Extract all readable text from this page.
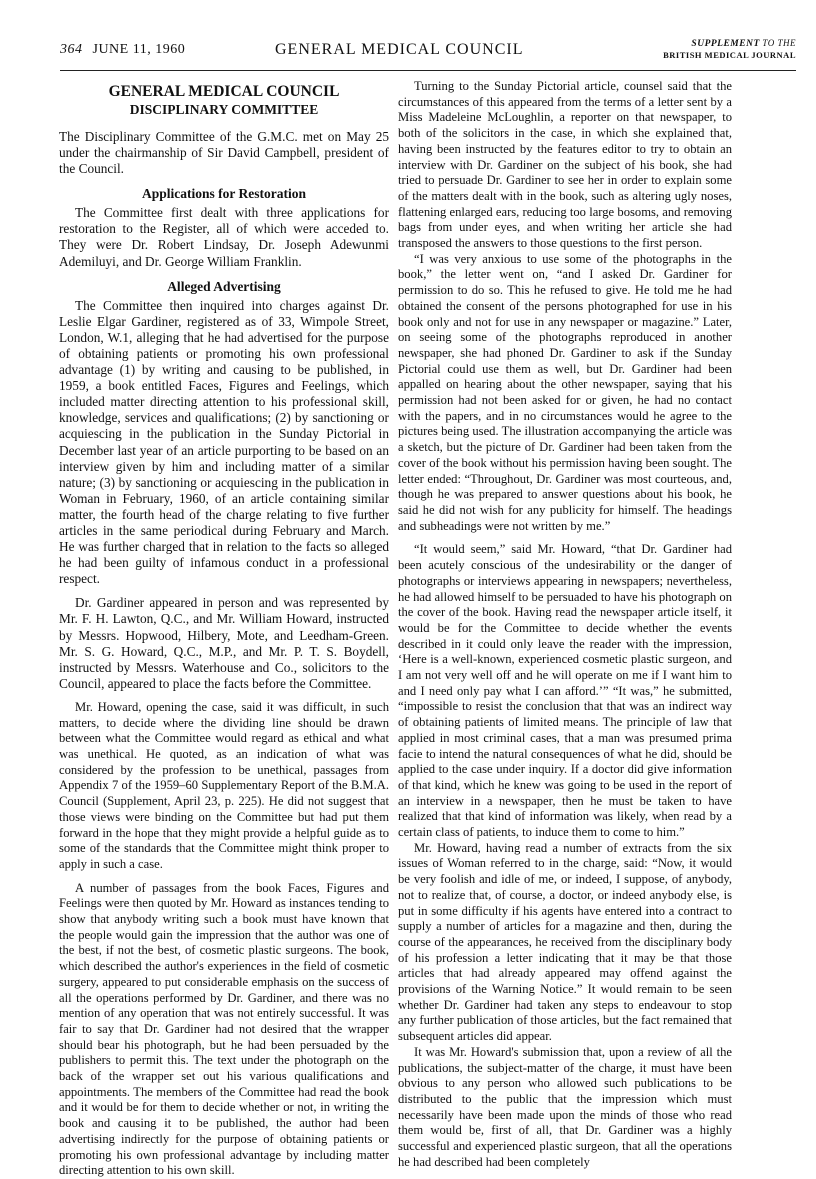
364 JUNE 11, 1960	GENERAL MEDICAL COUNCIL	SUPPLEMENT TO THE
BRITISH MEDICAL JOURNAL
GENERAL MEDICAL COUNCIL
DISCIPLINARY COMMITTEE

The Disciplinary Committee of the G.M.C. met on May 25 under the chairmanship of Sir David Campbell, president of the Council.

Applications for Restoration

The Committee first dealt with three applications for restoration to the Register, all of which were acceded to. They were Dr. Robert Lindsay, Dr. Joseph Adewunmi Ademiluyi, and Dr. George William Franklin.

Alleged Advertising

The Committee then inquired into charges against Dr. Leslie Elgar Gardiner, registered as of 33, Wimpole Street, London, W.1, alleging that he had advertised for the purpose of obtaining patients or promoting his own professional advantage (1) by writing and causing to be published, in 1959, a book entitled Faces, Figures and Feelings, which included matter directing attention to his professional skill, knowledge, services and qualifications; (2) by sanctioning or acquiescing in the publication in the Sunday Pictorial in December last year of an article purporting to be based on an interview given by him and including matter of a similar nature; (3) by sanctioning or acquiescing in the publication in Woman in February, 1960, of an article containing similar matter, the fourth head of the charge relating to five further articles in the same periodical during February and March. He was further charged that in relation to the facts so alleged he had been guilty of infamous conduct in a professional respect.

Dr. Gardiner appeared in person and was represented by Mr. F. H. Lawton, Q.C., and Mr. William Howard, instructed by Messrs. Hopwood, Hilbery, Mote, and Leedham-Green. Mr. S. G. Howard, Q.C., M.P., and Mr. P. T. S. Boydell, instructed by Messrs. Waterhouse and Co., solicitors to the Council, appeared to place the facts before the Committee.

Mr. Howard, opening the case, said it was difficult, in such matters, to decide where the dividing line should be drawn between what the Committee would regard as ethical and what was unethical. He quoted, as an indication of what was considered by the profession to be unethical, passages from Appendix 7 of the 1959–60 Supplementary Report of the B.M.A. Council (Supplement, April 23, p. 225). He did not suggest that those views were binding on the Committee but had put them forward in the hope that they might provide a helpful guide as to some of the standards that the Committee might think proper to apply in such a case.

A number of passages from the book Faces, Figures and Feelings were then quoted by Mr. Howard as instances tending to show that anybody writing such a book must have known that the people would gain the impression that the author was one of the best, if not the best, of cosmetic plastic surgeons. The book, which described the author's experiences in the field of cosmetic surgery, appeared to put considerable emphasis on the success of all the operations performed by Dr. Gardiner, and there was no mention of any operation that was not entirely successful. It was fair to say that Dr. Gardiner had not desired that the wrapper should bear his photograph, but he had been persuaded by the publishers to permit this. The text under the photograph on the back of the wrapper set out his various qualifications and appointments. The members of the Committee had read the book and it would be for them to decide whether or not, in writing the book and causing it to be published, the author had been advertising indirectly for the purpose of obtaining patients or promoting his own professional advantage by including matter directing attention to his own skill.

Turning to the Sunday Pictorial article, counsel said that the circumstances of this appeared from the terms of a letter sent by a Miss Madeleine McLoughlin, a reporter on that newspaper, to both of the solicitors in the case, in which she explained that, having been instructed by the features editor to try to obtain an interview with Dr. Gardiner on the subject of his book, she had tried to persuade Dr. Gardiner to see her in order to explain some of the matters dealt with in the book, such as altering ugly noses, flattening enlarged ears, reducing too large bosoms, and removing bags from under eyes, and when writing her article she had transposed the answers to those questions to the first person.

“I was very anxious to use some of the photographs in the book,” the letter went on, “and I asked Dr. Gardiner for permission to do so. This he refused to give. He told me he had obtained the consent of the persons photographed for use in his book only and not for use in any newspaper or magazine.” Later, on seeing some of the photographs reproduced in another newspaper, she had phoned Dr. Gardiner to ask if the Sunday Pictorial could use them as well, but Dr. Gardiner had been appalled on hearing about the other newspaper, saying that his permission had not been asked for or given, he had no contact with the papers, and in no circumstances would he agree to the pictures being used. The illustration accompanying the article was a sketch, but the picture of Dr. Gardiner had been taken from the cover of the book without his permission having been sought. The letter ended: “Throughout, Dr. Gardiner was most courteous, and, though he was prepared to answer questions about his book, he said he did not wish for any publicity for himself. The headings and subheadings were not written by me.”

“It would seem,” said Mr. Howard, “that Dr. Gardiner had been acutely conscious of the undesirability or the danger of photographs or interviews appearing in newspapers; nevertheless, he had allowed himself to be persuaded to have his photograph on the cover of the book. Having read the newspaper article itself, it would be for the Committee to decide whether the events described in it could only leave the reader with the impression, ‘Here is a well-known, experienced cosmetic plastic surgeon, and I am not very well off and he will operate on me if I want him to and I need only pay what I can afford.’” “It was,” he submitted, “impossible to resist the conclusion that that was an indirect way of obtaining patients of limited means. The principle of law that applied in most criminal cases, that a man was presumed prima facie to intend the natural consequences of what he did, should be applied to the case under inquiry. If a doctor did give information of that kind, which he knew was going to be used in the report of an interview in a newspaper, then he must be taken to have realized that that kind of information was likely, when read by a certain class of patients, to induce them to come to him.”

Mr. Howard, having read a number of extracts from the six issues of Woman referred to in the charge, said: “Now, it would be very foolish and idle of me, or indeed, I suppose, of anybody, not to realize that, of course, a doctor, or indeed anybody else, is put in some difficulty if his agents have entered into a contract to supply a number of articles for a magazine and then, during the course of the appearances, he received from the disciplinary body of his profession a letter indicating that it may be that those articles that had already appeared may offend against the provisions of the Warning Notice.” It would remain to be seen whether Dr. Gardiner had taken any steps to endeavour to stop any further publication of those articles, but the fact remained that subsequent articles did appear.

It was Mr. Howard's submission that, upon a review of all the publications, the subject-matter of the charge, it must have been obvious to any person who allowed such publications to be distributed to the public that the impression which must necessarily have been made upon the minds of those who read them would be, first of all, that Dr. Gardiner was a highly successful and experienced plastic surgeon, that all the operations he had described had been completely
